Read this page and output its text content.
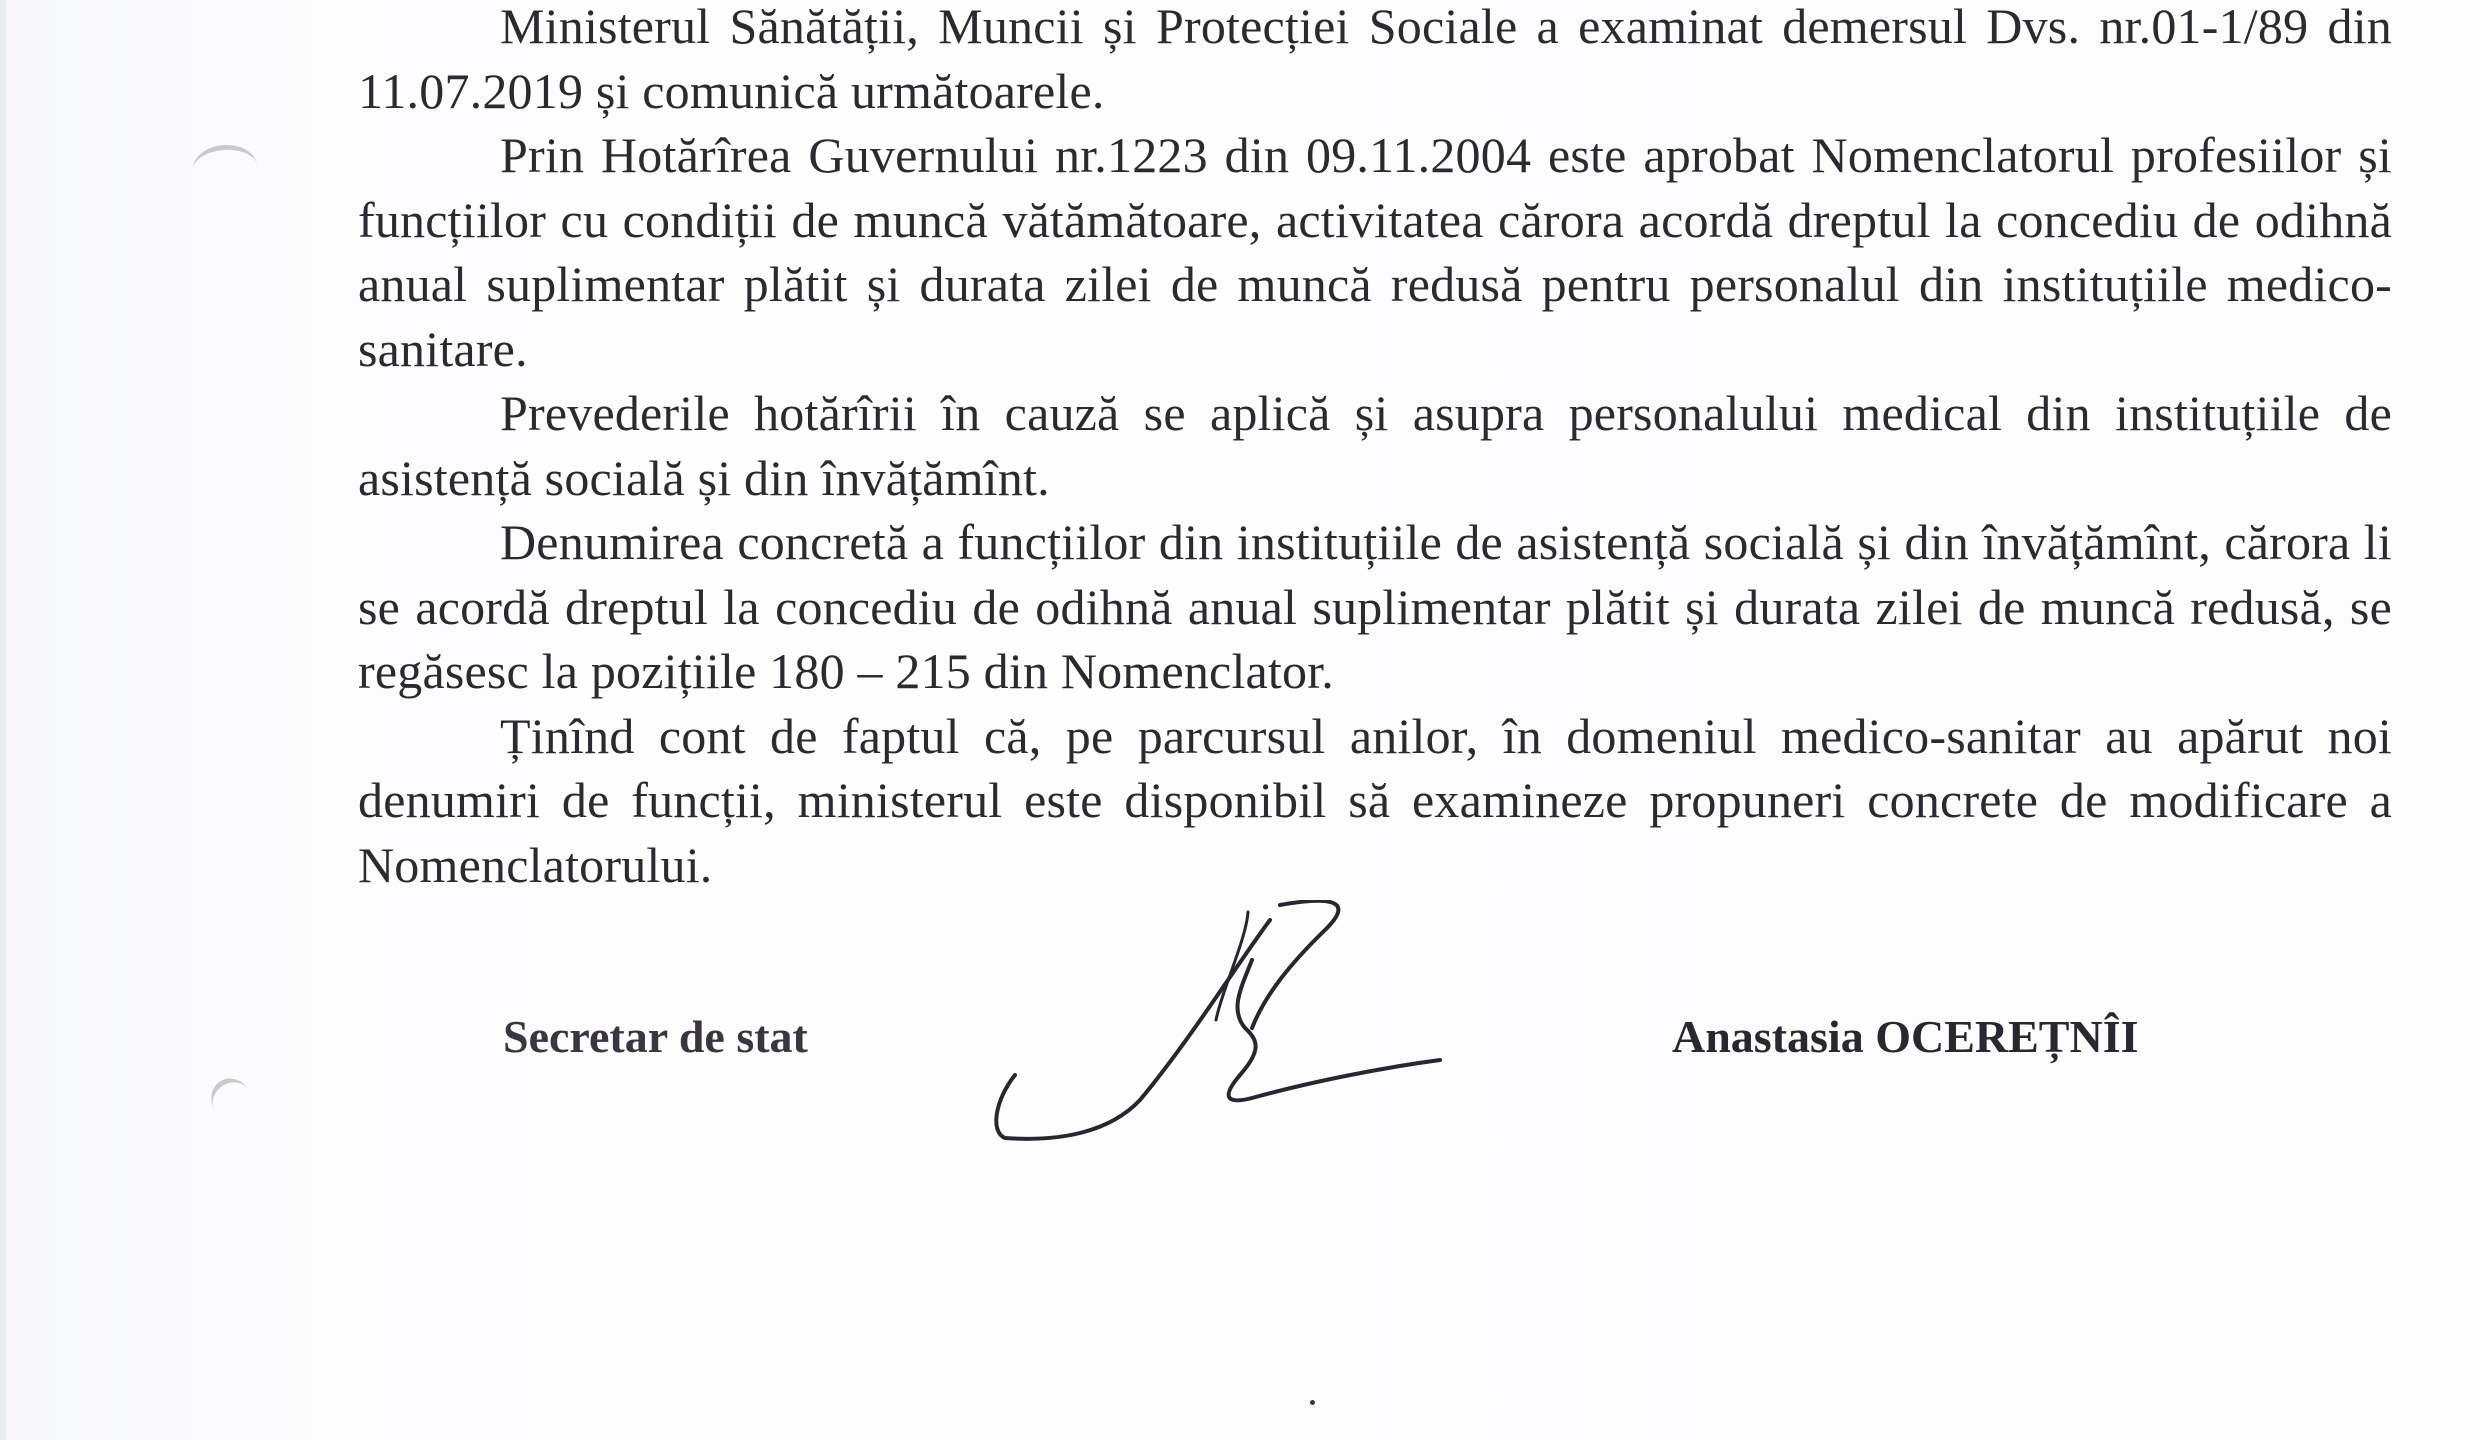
Ministerul Sănătății, Muncii și Protecției Sociale a examinat demersul Dvs. nr.01-1/89 din 11.07.2019 și comunică următoarele.

Prin Hotărîrea Guvernului nr.1223 din 09.11.2004 este aprobat Nomenclatorul profesiilor și funcțiilor cu condiții de muncă vătămătoare, activitatea cărora acordă dreptul la concediu de odihnă anual suplimentar plătit și durata zilei de muncă redusă pentru personalul din instituțiile medico-sanitare.

Prevederile hotărîrii în cauză se aplică și asupra personalului medical din instituțiile de asistență socială și din învățămînt.

Denumirea concretă a funcțiilor din instituțiile de asistență socială și din învățămînt, cărora li se acordă dreptul la concediu de odihnă anual suplimentar plătit și durata zilei de muncă redusă, se regăsesc la pozițiile 180 – 215 din Nomenclator.

Ținînd cont de faptul că, pe parcursul anilor, în domeniul medico-sanitar au apărut noi denumiri de funcții, ministerul este disponibil să examineze propuneri concrete de modificare a Nomenclatorului.

Secretar de stat	Anastasia OCEREȚNÎI
